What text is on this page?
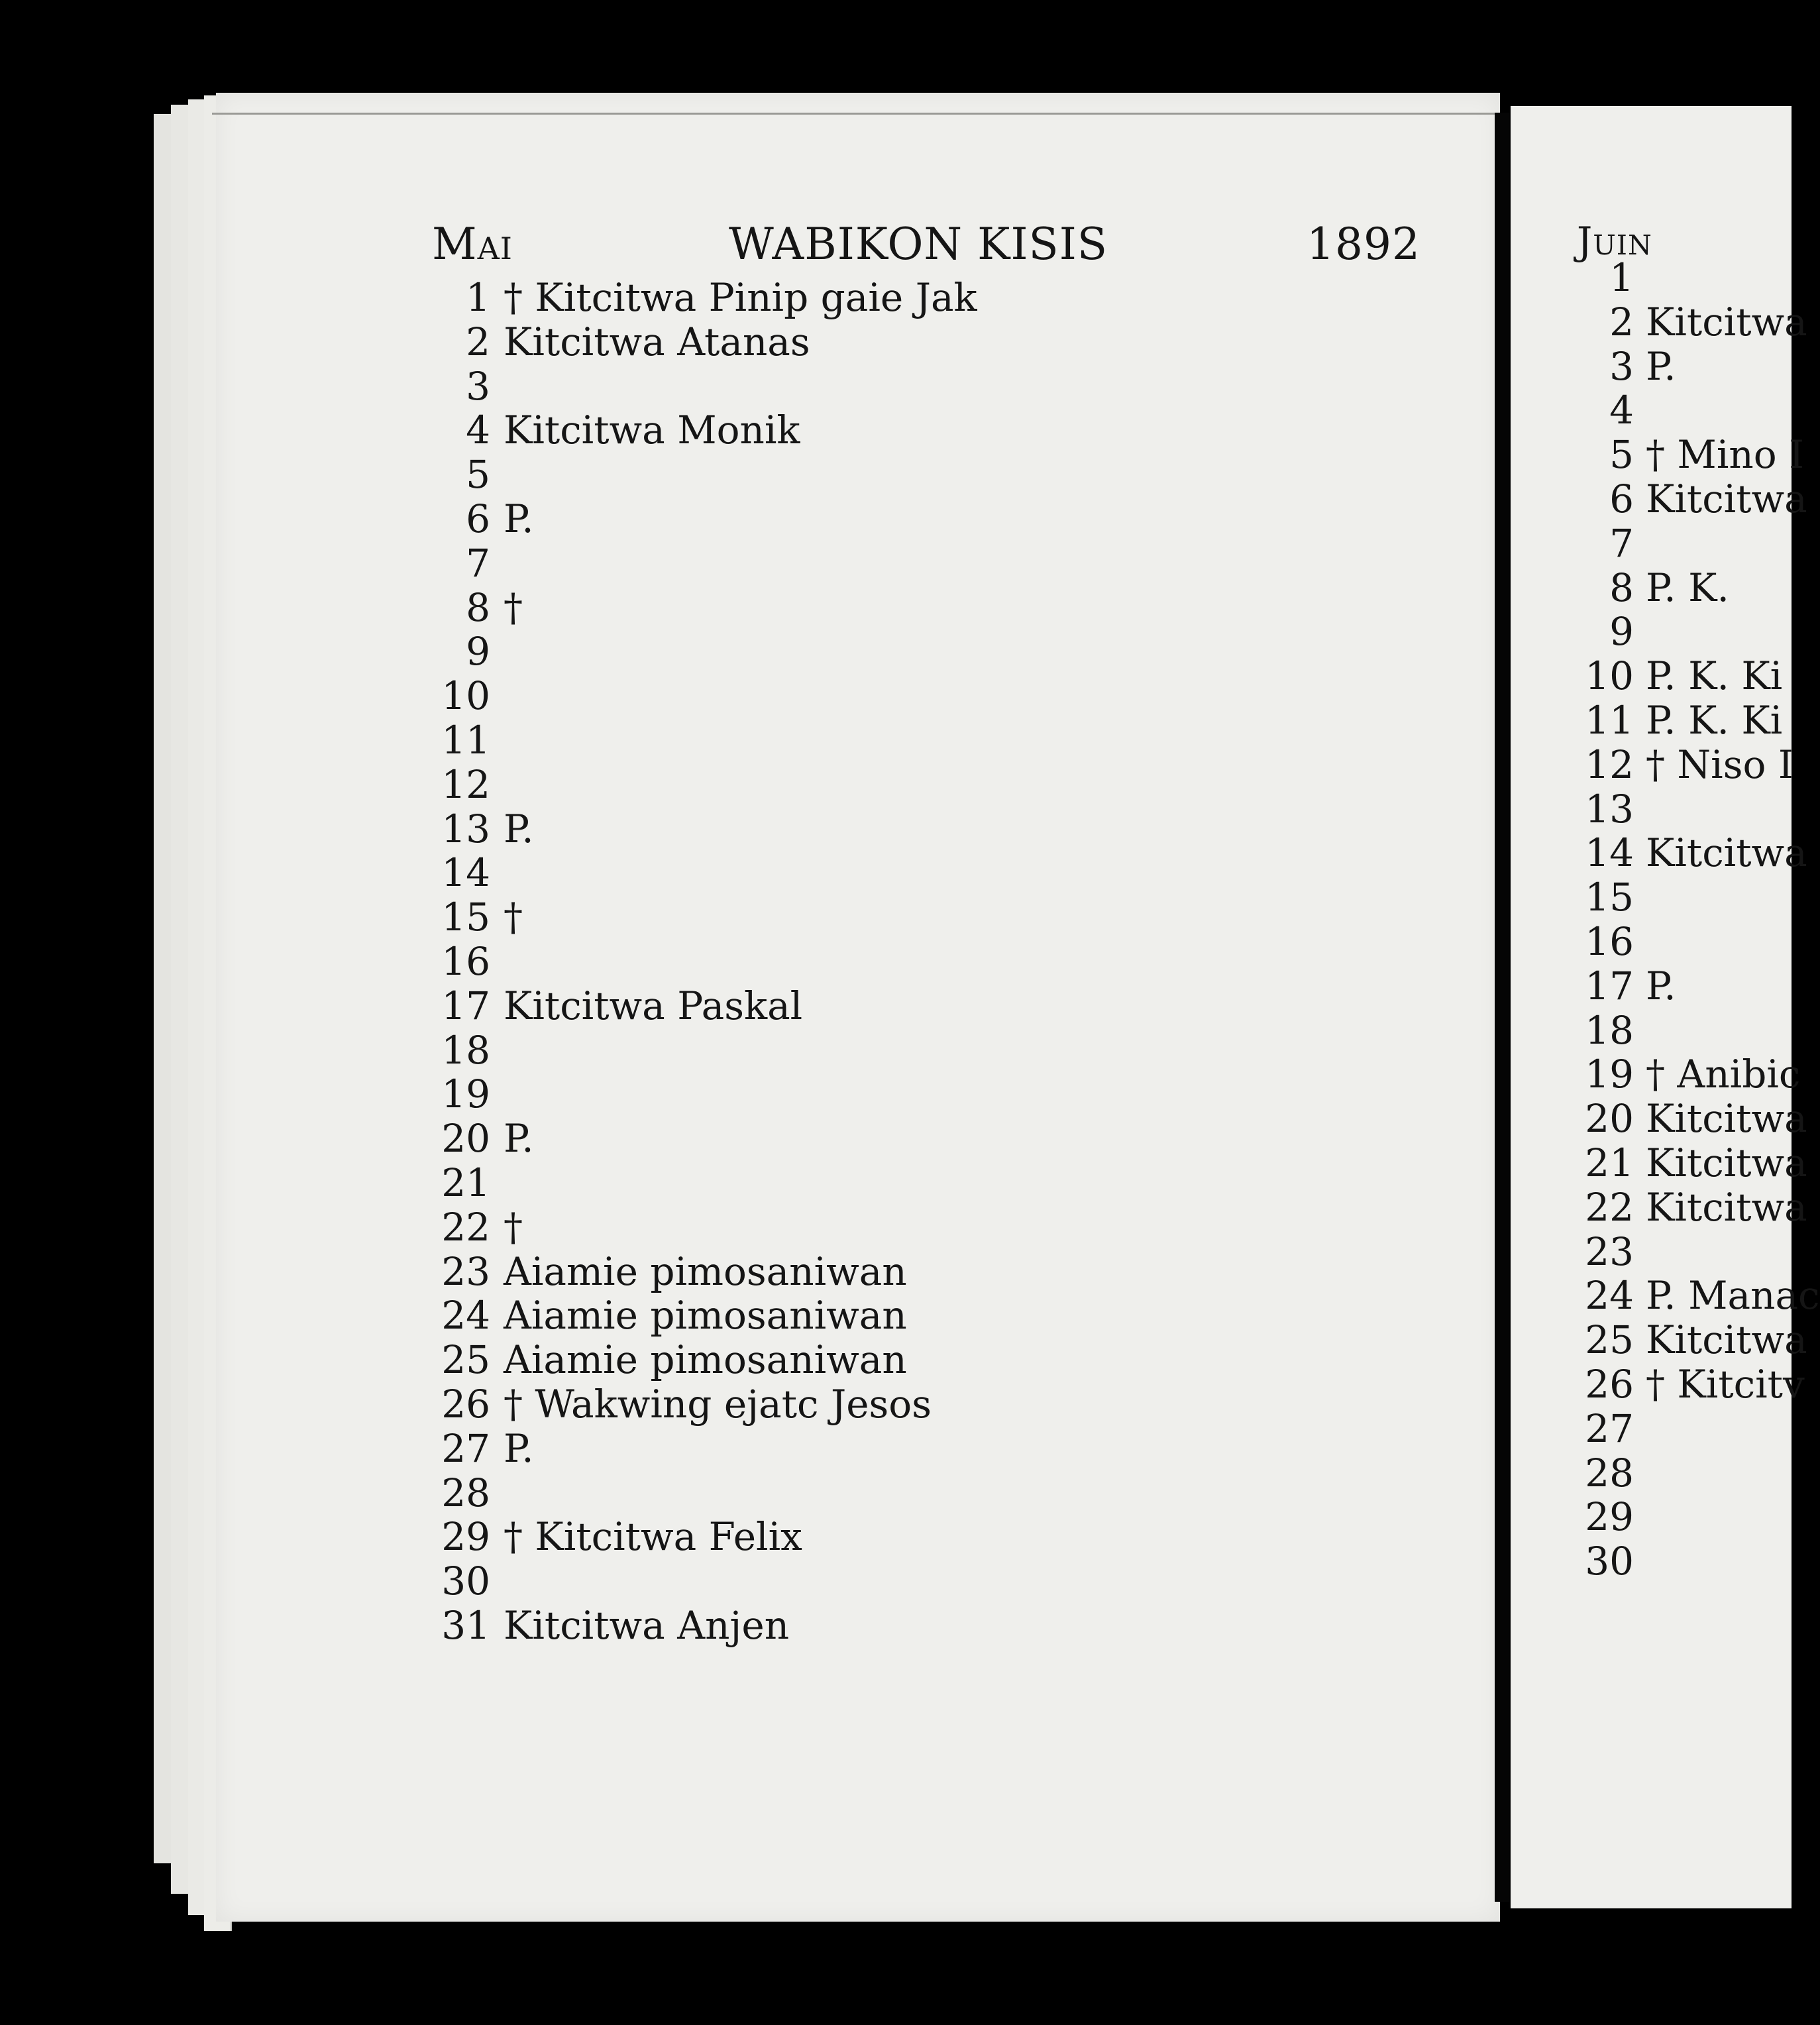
Mai	WABIKON KISIS	1892	Juin
1 † Kitcitwa Pinip gaie Jak
2 Kitcitwa Atanas
3
4 Kitcitwa Monik
5
6 P.
7
8 †
9
10
11
12
13 P.
14
15 †
16
17 Kitcitwa Paskal
18
19
20 P.
21
22 †
23 Aiamie pimosaniwan
24 Aiamie pimosaniwan
25 Aiamie pimosaniwan
26 † Wakwing ejatc Jesos
27 P.
28
29 † Kitcitwa Felix
30
31 Kitcitwa Anjen
1
2 Kitcitwa
3 P.
4
5 † Mino I
6 Kitcitwa
7
8 P. K.
9
10 P. K. Ki
11 P. K. Ki
12 † Niso I
13
14 Kitcitwa
15
16
17 P.
18
19 † Anibic
20 Kitcitwa
21 Kitcitwa
22 Kitcitwa
23
24 P. Manac
25 Kitcitwa
26 † Kitcitv
27
28
29
30
